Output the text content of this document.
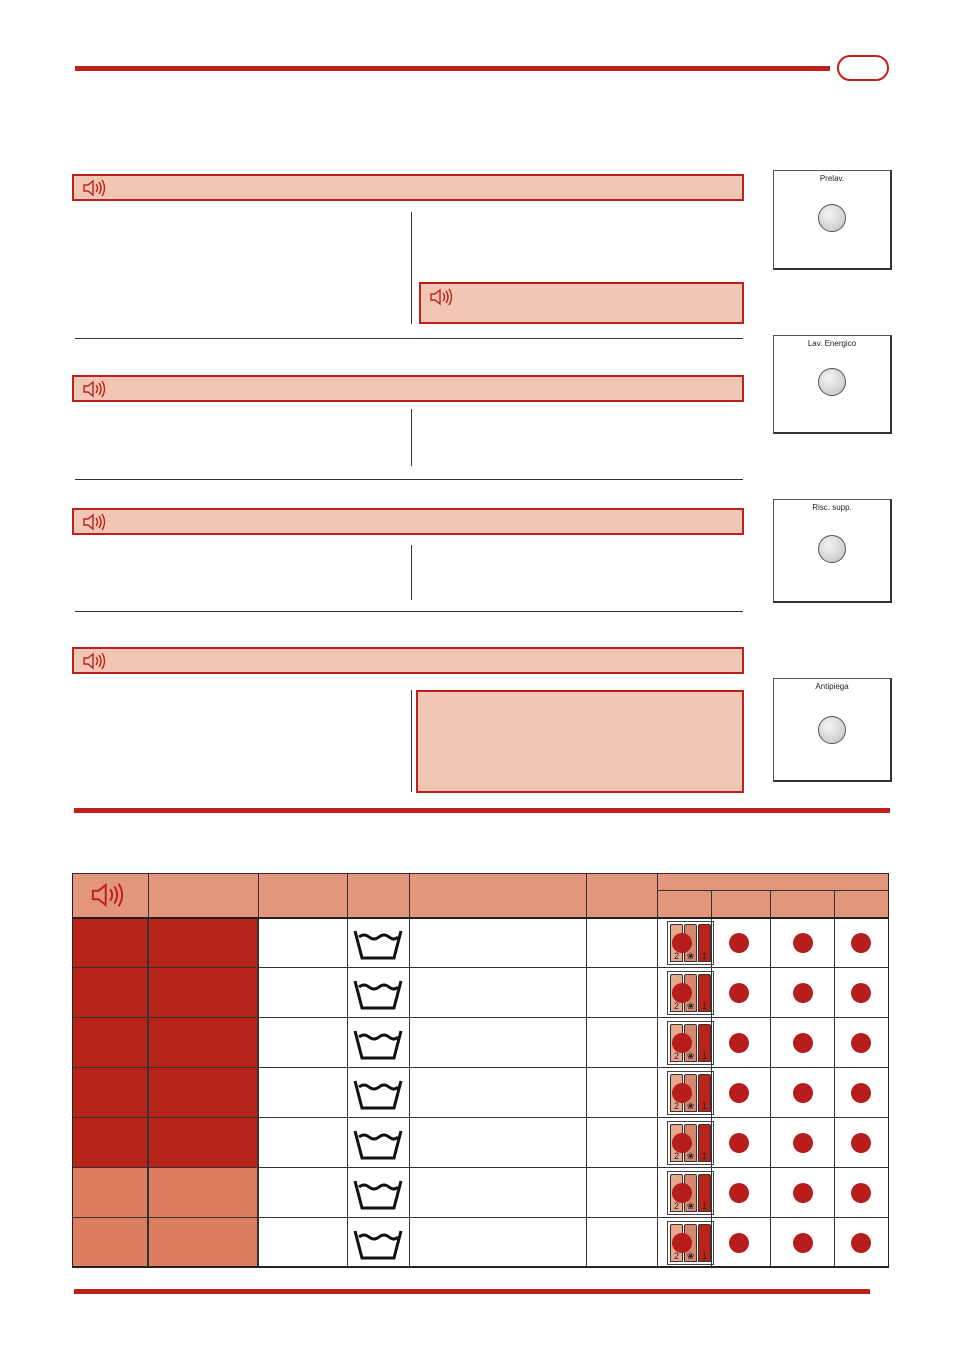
Prelav.
Lav. Energico
Risc. supp.
Antipiega
2 ❀ 1
2 ❀ 1
2 ❀ 1
2 ❀ 1
2 ❀ 1
2 ❀ 1
2 ❀ 1
